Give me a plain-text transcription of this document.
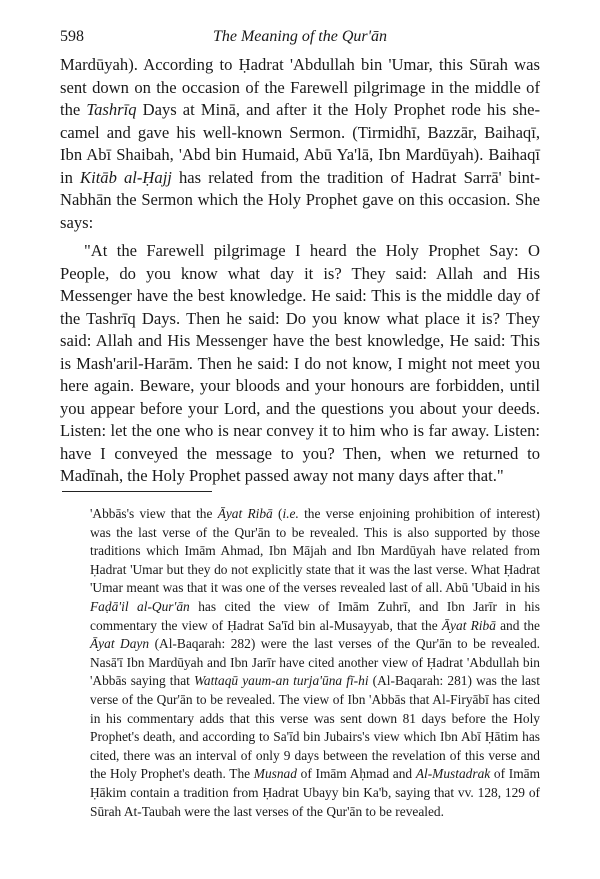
598	The Meaning of the Qur'ān

Mardūyah). According to Ḥadrat 'Abdullah bin 'Umar, this Sūrah was sent down on the occasion of the Farewell pilgrimage in the middle of the Tashrīq Days at Minā, and after it the Holy Prophet rode his she- camel and gave his well-known Sermon. (Tirmidhī, Bazzār, Baihaqī, Ibn Abī Shaibah, 'Abd bin Humaid, Abū Ya'lā, Ibn Mardūyah). Baihaqī in Kitāb al-Ḥajj has related from the tradition of Hadrat Sarrā' bint-Nabhān the Sermon which the Holy Prophet gave on this occasion. She says:

"At the Farewell pilgrimage I heard the Holy Prophet Say: O People, do you know what day it is? They said: Allah and His Messenger have the best knowledge. He said: This is the middle day of the Tashrīq Days. Then he said: Do you know what place it is? They said: Allah and His Messenger have the best knowledge, He said: This is Mash'aril-Harām. Then he said: I do not know, I might not meet you here again. Beware, your bloods and your honours are forbidden, until you appear before your Lord, and the questions you about your deeds. Listen: let the one who is near convey it to him who is far away. Listen: have I conveyed the message to you? Then, when we returned to Madīnah, the Holy Prophet passed away not many days after that."

'Abbās's view that the Āyat Ribā (i.e. the verse enjoining prohibition of interest) was the last verse of the Qur'ān to be revealed. This is also supported by those traditions which Imām Ahmad, Ibn Mājah and Ibn Mardūyah have related from Ḥadrat 'Umar but they do not explicitly state that it was the last verse. What Ḥadrat 'Umar meant was that it was one of the verses revealed last of all. Abū 'Ubaid in his Faḍā'il al-Qur'ān has cited the view of Imām Zuhrī, and Ibn Jarīr in his commentary the view of Ḥadrat Sa'īd bin al-Musayyab, that the Āyat Ribā and the Āyat Dayn (Al-Baqarah: 282) were the last verses of the Qur'ān to be revealed. Nasā'ī Ibn Mardūyah and Ibn Jarīr have cited another view of Ḥadrat 'Abdullah bin 'Abbās saying that Wattaqū yaum-an turja'ūna fī-hi (Al-Baqarah: 281) was the last verse of the Qur'ān to be revealed. The view of Ibn 'Abbās that Al-Firyābī has cited in his commentary adds that this verse was sent down 81 days before the Holy Prophet's death, and according to Sa'īd bin Jubairs's view which Ibn Abī Ḥātim has cited, there was an interval of only 9 days between the revelation of this verse and the Holy Prophet's death. The Musnad of Imām Aḥmad and Al-Mustadrak of Imām Ḥākim contain a tradition from Ḥadrat Ubayy bin Ka'b, saying that vv. 128, 129 of Sūrah At-Taubah were the last verses of the Qur'ān to be revealed.
